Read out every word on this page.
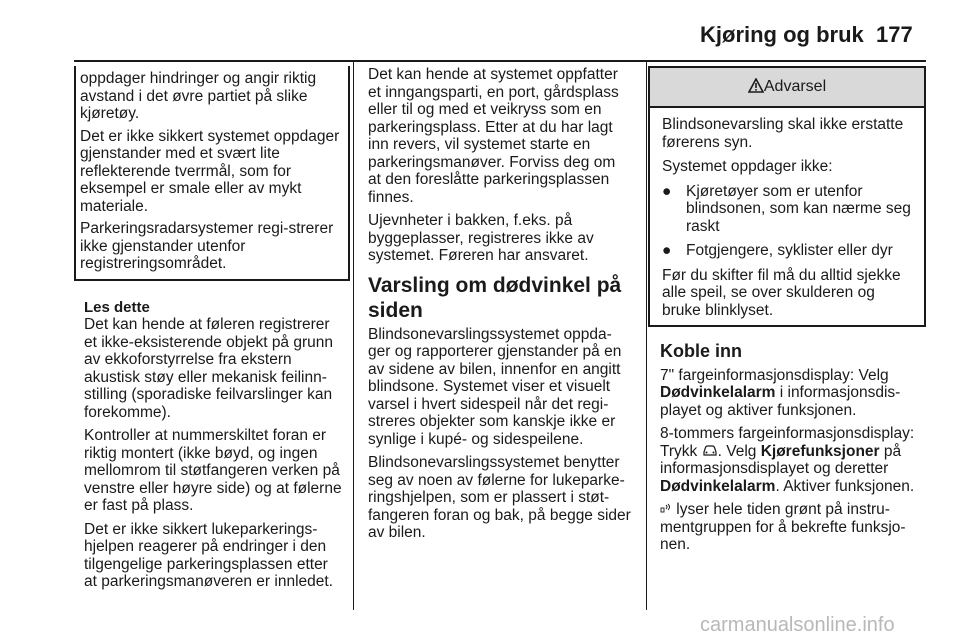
Kjøring og bruk 177

oppdager hindringer og angir riktig avstand i det øvre partiet på slike kjøretøy.

Det er ikke sikkert systemet oppdager gjenstander med et svært lite reflekterende tverrmål, som for eksempel er smale eller av mykt materiale.

Parkeringsradarsystemer regi-strerer ikke gjenstander utenfor registreringsområdet.

Les dette

Det kan hende at føleren registrerer et ikke-eksisterende objekt på grunn av ekkoforstyrrelse fra ekstern akustisk støy eller mekanisk feilinn-stilling (sporadiske feilvarslinger kan forekomme).

Kontroller at nummerskiltet foran er riktig montert (ikke bøyd, og ingen mellomrom til støtfangeren verken på venstre eller høyre side) og at følerne er fast på plass.

Det er ikke sikkert lukeparkerings-hjelpen reagerer på endringer i den tilgengelige parkeringsplassen etter at parkeringsmanøveren er innledet.

Det kan hende at systemet oppfatter et inngangsparti, en port, gårdsplass eller til og med et veikryss som en parkeringsplass. Etter at du har lagt inn revers, vil systemet starte en parkeringsmanøver. Forviss deg om at den foreslåtte parkeringsplassen finnes.

Ujevnheter i bakken, f.eks. på byggeplasser, registreres ikke av systemet. Føreren har ansvaret.

Varsling om dødvinkel på siden

Blindsonevarslingssystemet oppda-ger og rapporterer gjenstander på en av sidene av bilen, innenfor en angitt blindsone. Systemet viser et visuelt varsel i hvert sidespeil når det regi-streres objekter som kanskje ikke er synlige i kupé- og sidespeilene.

Blindsonevarslingssystemet benytter seg av noen av følerne for lukeparke-ringshjelpen, som er plassert i støt-fangeren foran og bak, på begge sider av bilen.

Advarsel

Blindsonevarsling skal ikke erstatte førerens syn.

Systemet oppdager ikke:

● Kjøretøyer som er utenfor blindsonen, som kan nærme seg raskt
● Fotgjengere, syklister eller dyr

Før du skifter fil må du alltid sjekke alle speil, se over skulderen og bruke blinklyset.

Koble inn

7" fargeinformasjonsdisplay: Velg Dødvinkelalarm i informasjonsdis-playet og aktiver funksjonen.

8-tommers fargeinformasjonsdisplay: Trykk . Velg Kjørefunksjoner på informasjonsdisplayet og deretter Dødvinkelalarm. Aktiver funksjonen.

lyser hele tiden grønt på instru-mentgruppen for å bekrefte funksjo-nen.

carmanualsonline.info
